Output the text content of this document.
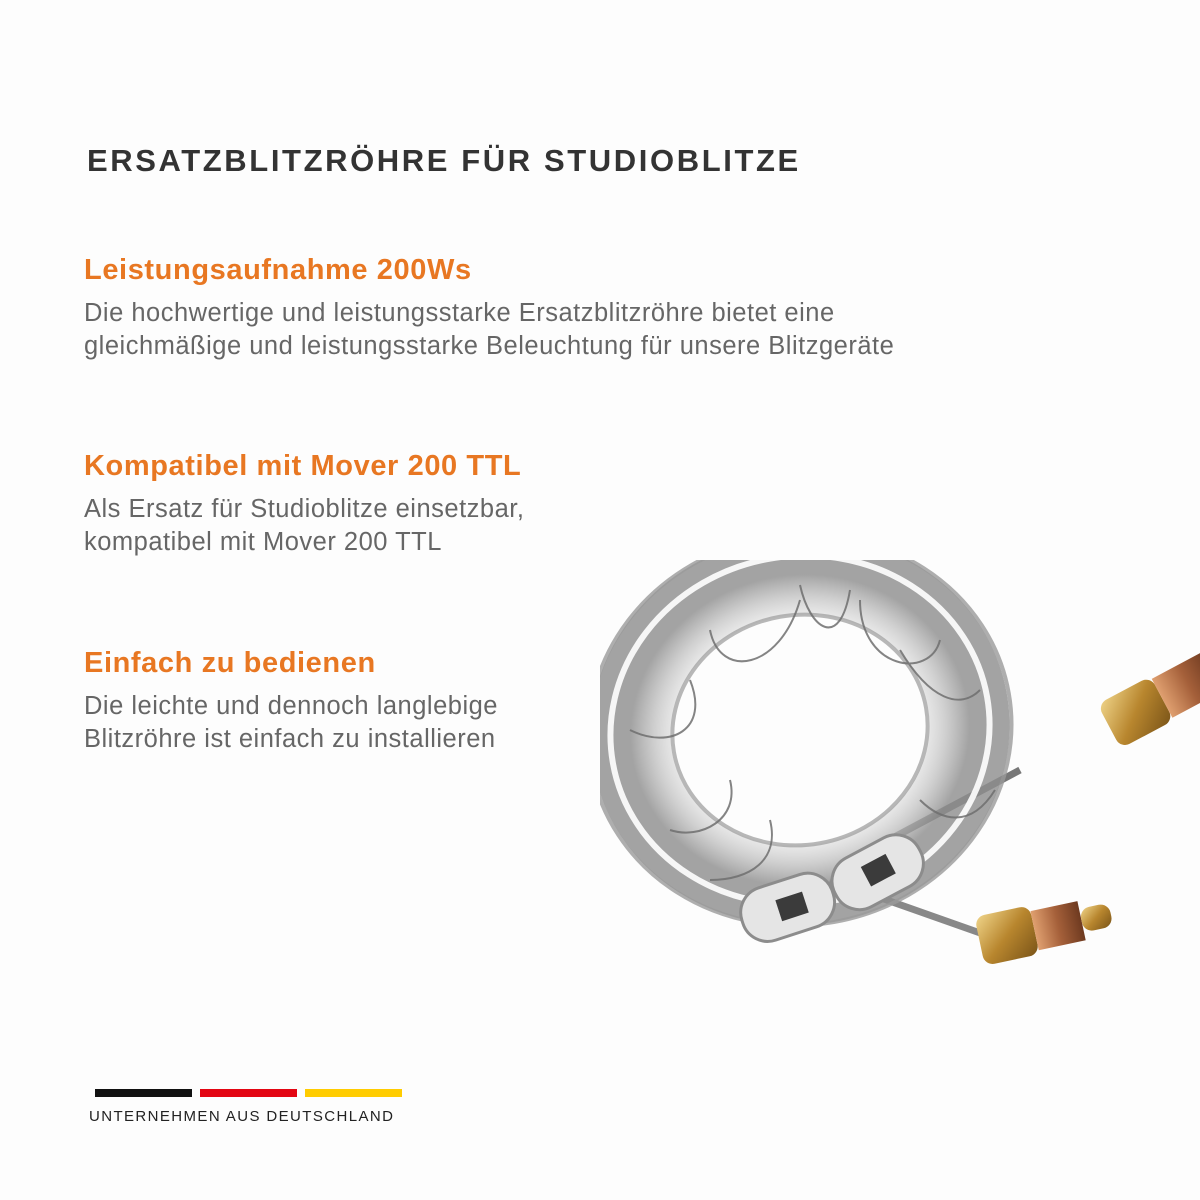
ERSATZBLITZRÖHRE FÜR STUDIOBLITZE
Leistungsaufnahme 200Ws

Die hochwertige und leistungsstarke Ersatzblitzröhre bietet eine
gleichmäßige und leistungsstarke Beleuchtung für unsere Blitzgeräte

Kompatibel mit Mover 200 TTL

Als Ersatz für Studioblitze einsetzbar,
kompatibel mit Mover 200 TTL

Einfach zu bedienen

Die leichte und dennoch langlebige
Blitzröhre ist einfach zu installieren

UNTERNEHMEN AUS DEUTSCHLAND
